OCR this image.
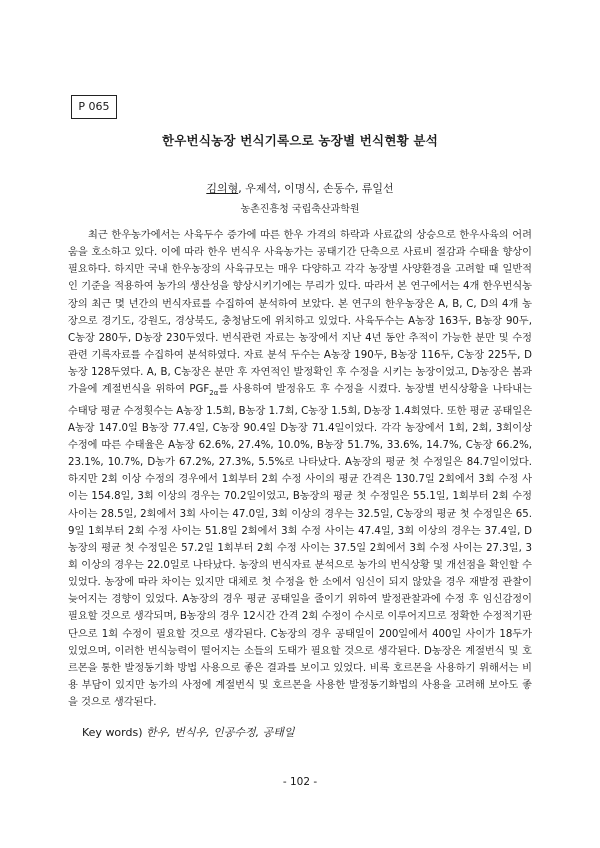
P 065
한우번식농장 번식기록으로 농장별 번식현황 분석
김의형, 우제석, 이명식, 손동수, 류일선
농촌진흥청 국립축산과학원

최근 한우농가에서는 사육두수 증가에 따른 한우 가격의 하락과 사료값의 상승으로 한우사육의 어려움을 호소하고 있다. 이에 따라 한우 번식우 사육농가는 공태기간 단축으로 사료비 절감과 수태율 향상이 필요하다. 하지만 국내 한우농장의 사육규모는 매우 다양하고 각각 농장별 사양환경을 고려할 때 일반적인 기준을 적용하여 농가의 생산성을 향상시키기에는 무리가 있다. 따라서 본 연구에서는 4개 한우번식농장의 최근 몇 년간의 번식자료를 수집하여 분석하여 보았다. 본 연구의 한우농장은 A, B, C, D의 4개 농장으로 경기도, 강원도, 경상북도, 충청남도에 위치하고 있었다. 사육두수는 A농장 163두, B농장 90두, C농장 280두, D농장 230두였다. 번식관련 자료는 농장에서 지난 4년 동안 추적이 가능한 분만 및 수정 관련 기록자료를 수집하여 분석하였다. 자료 분석 두수는 A농장 190두, B농장 116두, C농장 225두, D농장 128두였다. A, B, C농장은 분만 후 자연적인 발정확인 후 수정을 시키는 농장이었고, D농장은 봄과 가을에 계절번식을 위하여 $PGF_{2\alpha}$를 사용하여 발정유도 후 수정을 시켰다. 농장별 번식상황을 나타내는 수태당 평균 수정횟수는 A농장 1.5회, B농장 1.7회, C농장 1.5회, D농장 1.4회였다. 또한 평균 공태일은 A농장 147.0일 B농장 77.4일, C농장 90.4일 D농장 71.4일이었다. 각각 농장에서 1회, 2회, 3회이상 수정에 따른 수태율은 A농장 62.6%, 27.4%, 10.0%, B농장 51.7%, 33.6%, 14.7%, C농장 66.2%, 23.1%, 10.7%, D농가 67.2%, 27.3%, 5.5%로 나타났다. A농장의 평균 첫 수정일은 84.7일이었다. 하지만 2회 이상 수정의 경우에서 1회부터 2회 수정 사이의 평균 간격은 130.7일 2회에서 3회 수정 사이는 154.8일, 3회 이상의 경우는 70.2일이었고, B농장의 평균 첫 수정일은 55.1일, 1회부터 2회 수정 사이는 28.5일, 2회에서 3회 사이는 47.0일, 3회 이상의 경우는 32.5일, C농장의 평균 첫 수정일은 65.9일 1회부터 2회 수정 사이는 51.8일 2회에서 3회 수정 사이는 47.4일, 3회 이상의 경우는 37.4일, D농장의 평균 첫 수정일은 57.2일 1회부터 2회 수정 사이는 37.5일 2회에서 3회 수정 사이는 27.3일, 3회 이상의 경우는 22.0일로 나타났다. 농장의 번식자료 분석으로 농가의 번식상황 및 개선점을 확인할 수 있었다. 농장에 따라 차이는 있지만 대체로 첫 수정을 한 소에서 임신이 되지 않았을 경우 재발정 관찰이 늦어지는 경향이 있었다. A농장의 경우 평균 공태일을 줄이기 위하여 발정관찰과에 수정 후 임신감정이 필요할 것으로 생각되며, B농장의 경우 12시간 간격 2회 수정이 수시로 이루어지므로 정확한 수정적기판단으로 1회 수정이 필요할 것으로 생각된다. C농장의 경우 공태일이 200일에서 400일 사이가 18두가 있었으며, 이러한 번식능력이 떨어지는 소들의 도태가 필요할 것으로 생각된다. D농장은 계절번식 및 호르몬을 통한 발정동기화 방법 사용으로 좋은 결과를 보이고 있었다. 비록 호르몬을 사용하기 위해서는 비용 부담이 있지만 농가의 사정에 계절번식 및 호르몬을 사용한 발정동기화법의 사용을 고려해 보아도 좋을 것으로 생각된다.

Key words) 한우, 번식우, 인공수정, 공태일
- 102 -
